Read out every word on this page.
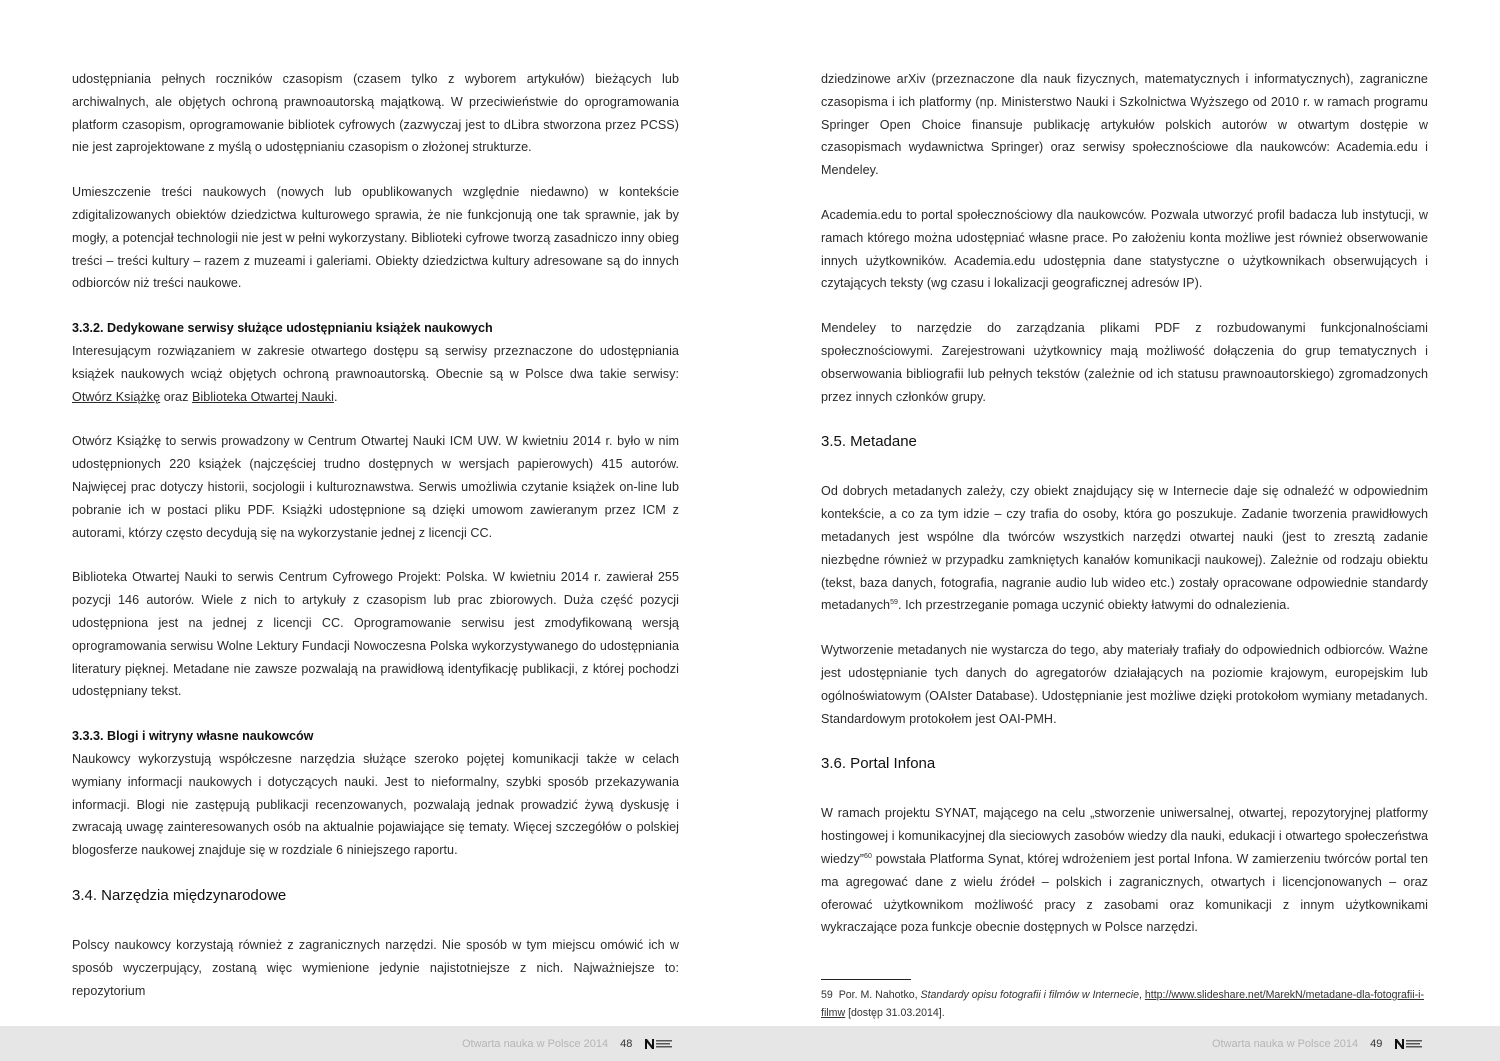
udostępniania pełnych roczników czasopism (czasem tylko z wyborem artykułów) bieżących lub archiwalnych, ale objętych ochroną prawnoautorską majątkową. W przeciwieństwie do oprogramowania platform czasopism, oprogramowanie bibliotek cyfrowych (zazwyczaj jest to dLibra stworzona przez PCSS) nie jest zaprojektowane z myślą o udostępnianiu czasopism o złożonej strukturze.

Umieszczenie treści naukowych (nowych lub opublikowanych względnie niedawno) w kontekście zdigitalizowanych obiektów dziedzictwa kulturowego sprawia, że nie funkcjonują one tak sprawnie, jak by mogły, a potencjał technologii nie jest w pełni wykorzystany. Biblioteki cyfrowe tworzą zasadniczo inny obieg treści – treści kultury – razem z muzeami i galeriami. Obiekty dziedzictwa kultury adresowane są do innych odbiorców niż treści naukowe.

3.3.2. Dedykowane serwisy służące udostępnianiu książek naukowych

Interesującym rozwiązaniem w zakresie otwartego dostępu są serwisy przeznaczone do udostępniania książek naukowych wciąż objętych ochroną prawnoautorską. Obecnie są w Polsce dwa takie serwisy: Otwórz Książkę oraz Biblioteka Otwartej Nauki.

Otwórz Książkę to serwis prowadzony w Centrum Otwartej Nauki ICM UW. W kwietniu 2014 r. było w nim udostępnionych 220 książek (najczęściej trudno dostępnych w wersjach papierowych) 415 autorów. Najwięcej prac dotyczy historii, socjologii i kulturoznawstwa. Serwis umożliwia czytanie książek on-line lub pobranie ich w postaci pliku PDF. Książki udostępnione są dzięki umowom zawieranym przez ICM z autorami, którzy często decydują się na wykorzystanie jednej z licencji CC.

Biblioteka Otwartej Nauki to serwis Centrum Cyfrowego Projekt: Polska. W kwietniu 2014 r. zawierał 255 pozycji 146 autorów. Wiele z nich to artykuły z czasopism lub prac zbiorowych. Duża część pozycji udostępniona jest na jednej z licencji CC. Oprogramowanie serwisu jest zmodyfikowaną wersją oprogramowania serwisu Wolne Lektury Fundacji Nowoczesna Polska wykorzystywanego do udostępniania literatury pięknej. Metadane nie zawsze pozwalają na prawidłową identyfikację publikacji, z której pochodzi udostępniany tekst.

3.3.3. Blogi i witryny własne naukowców

Naukowcy wykorzystują współczesne narzędzia służące szeroko pojętej komunikacji także w celach wymiany informacji naukowych i dotyczących nauki. Jest to nieformalny, szybki sposób przekazywania informacji. Blogi nie zastępują publikacji recenzowanych, pozwalają jednak prowadzić żywą dyskusję i zwracają uwagę zainteresowanych osób na aktualnie pojawiające się tematy. Więcej szczegółów o polskiej blogosferze naukowej znajduje się w rozdziale 6 niniejszego raportu.

3.4. Narzędzia międzynarodowe

Polscy naukowcy korzystają również z zagranicznych narzędzi. Nie sposób w tym miejscu omówić ich w sposób wyczerpujący, zostaną więc wymienione jedynie najistotniejsze z nich. Najważniejsze to: repozytorium

dziedzinowe arXiv (przeznaczone dla nauk fizycznych, matematycznych i informatycznych), zagraniczne czasopisma i ich platformy (np. Ministerstwo Nauki i Szkolnictwa Wyższego od 2010 r. w ramach programu Springer Open Choice finansuje publikację artykułów polskich autorów w otwartym dostępie w czasopismach wydawnictwa Springer) oraz serwisy społecznościowe dla naukowców: Academia.edu i Mendeley.

Academia.edu to portal społecznościowy dla naukowców. Pozwala utworzyć profil badacza lub instytucji, w ramach którego można udostępniać własne prace. Po założeniu konta możliwe jest również obserwowanie innych użytkowników. Academia.edu udostępnia dane statystyczne o użytkownikach obserwujących i czytających teksty (wg czasu i lokalizacji geograficznej adresów IP).

Mendeley to narzędzie do zarządzania plikami PDF z rozbudowanymi funkcjonalnościami społecznościowymi. Zarejestrowani użytkownicy mają możliwość dołączenia do grup tematycznych i obserwowania bibliografii lub pełnych tekstów (zależnie od ich statusu prawnoautorskiego) zgromadzonych przez innych członków grupy.

3.5. Metadane

Od dobrych metadanych zależy, czy obiekt znajdujący się w Internecie daje się odnaleźć w odpowiednim kontekście, a co za tym idzie – czy trafia do osoby, która go poszukuje. Zadanie tworzenia prawidłowych metadanych jest wspólne dla twórców wszystkich narzędzi otwartej nauki (jest to zresztą zadanie niezbędne również w przypadku zamkniętych kanałów komunikacji naukowej). Zależnie od rodzaju obiektu (tekst, baza danych, fotografia, nagranie audio lub wideo etc.) zostały opracowane odpowiednie standardy metadanych$^{59}$. Ich przestrzeganie pomaga uczynić obiekty łatwymi do odnalezienia.

Wytworzenie metadanych nie wystarcza do tego, aby materiały trafiały do odpowiednich odbiorców. Ważne jest udostępnianie tych danych do agregatorów działających na poziomie krajowym, europejskim lub ogólnoświatowym (OAIster Database). Udostępnianie jest możliwe dzięki protokołom wymiany metadanych. Standardowym protokołem jest OAI-PMH.

3.6. Portal Infona

W ramach projektu SYNAT, mającego na celu „stworzenie uniwersalnej, otwartej, repozytoryjnej platformy hostingowej i komunikacyjnej dla sieciowych zasobów wiedzy dla nauki, edukacji i otwartego społeczeństwa wiedzy”$^{60}$ powstała Platforma Synat, której wdrożeniem jest portal Infona. W zamierzeniu twórców portal ten ma agregować dane z wielu źródeł – polskich i zagranicznych, otwartych i licencjonowanych – oraz oferować użytkownikom możliwość pracy z zasobami oraz komunikacji z innym użytkownikami wykraczające poza funkcje obecnie dostępnych w Polsce narzędzi.

59 Por. M. Nahotko, Standardy opisu fotografii i filmów w Internecie, http://www.slideshare.net/MarekN/metadane-dla-fotografii-i-filmw [dostęp 31.03.2014].

Otwarta nauka w Polsce 2014 48	Otwarta nauka w Polsce 2014 49
